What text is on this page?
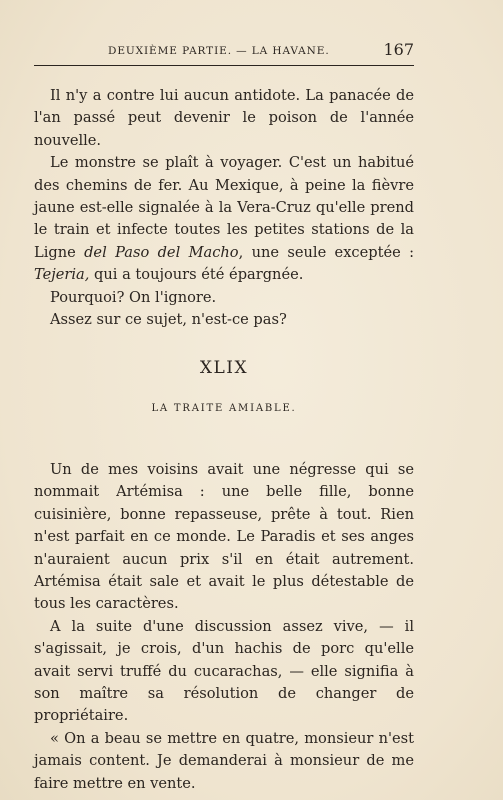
DEUXIÈME PARTIE. — LA HAVANE.	167

Il n'y a contre lui aucun antidote. La panacée de l'an passé peut devenir le poison de l'année nouvelle.

Le monstre se plaît à voyager. C'est un habitué des chemins de fer. Au Mexique, à peine la fièvre jaune est-elle signalée à la Vera-Cruz qu'elle prend le train et infecte toutes les petites stations de la Ligne del Paso del Macho, une seule exceptée : Tejeria, qui a toujours été épargnée.

Pourquoi? On l'ignore.

Assez sur ce sujet, n'est-ce pas?

XLIX
LA TRAITE AMIABLE.

Un de mes voisins avait une négresse qui se nommait Artémisa : une belle fille, bonne cuisinière, bonne repasseuse, prête à tout. Rien n'est parfait en ce monde. Le Paradis et ses anges n'auraient aucun prix s'il en était autrement. Artémisa était sale et avait le plus détestable de tous les caractères.

A la suite d'une discussion assez vive, — il s'agissait, je crois, d'un hachis de porc qu'elle avait servi truffé du cucarachas, — elle signifia à son maître sa résolution de changer de propriétaire.

« On a beau se mettre en quatre, monsieur n'est jamais content. Je demanderai à monsieur de me faire mettre en vente.
